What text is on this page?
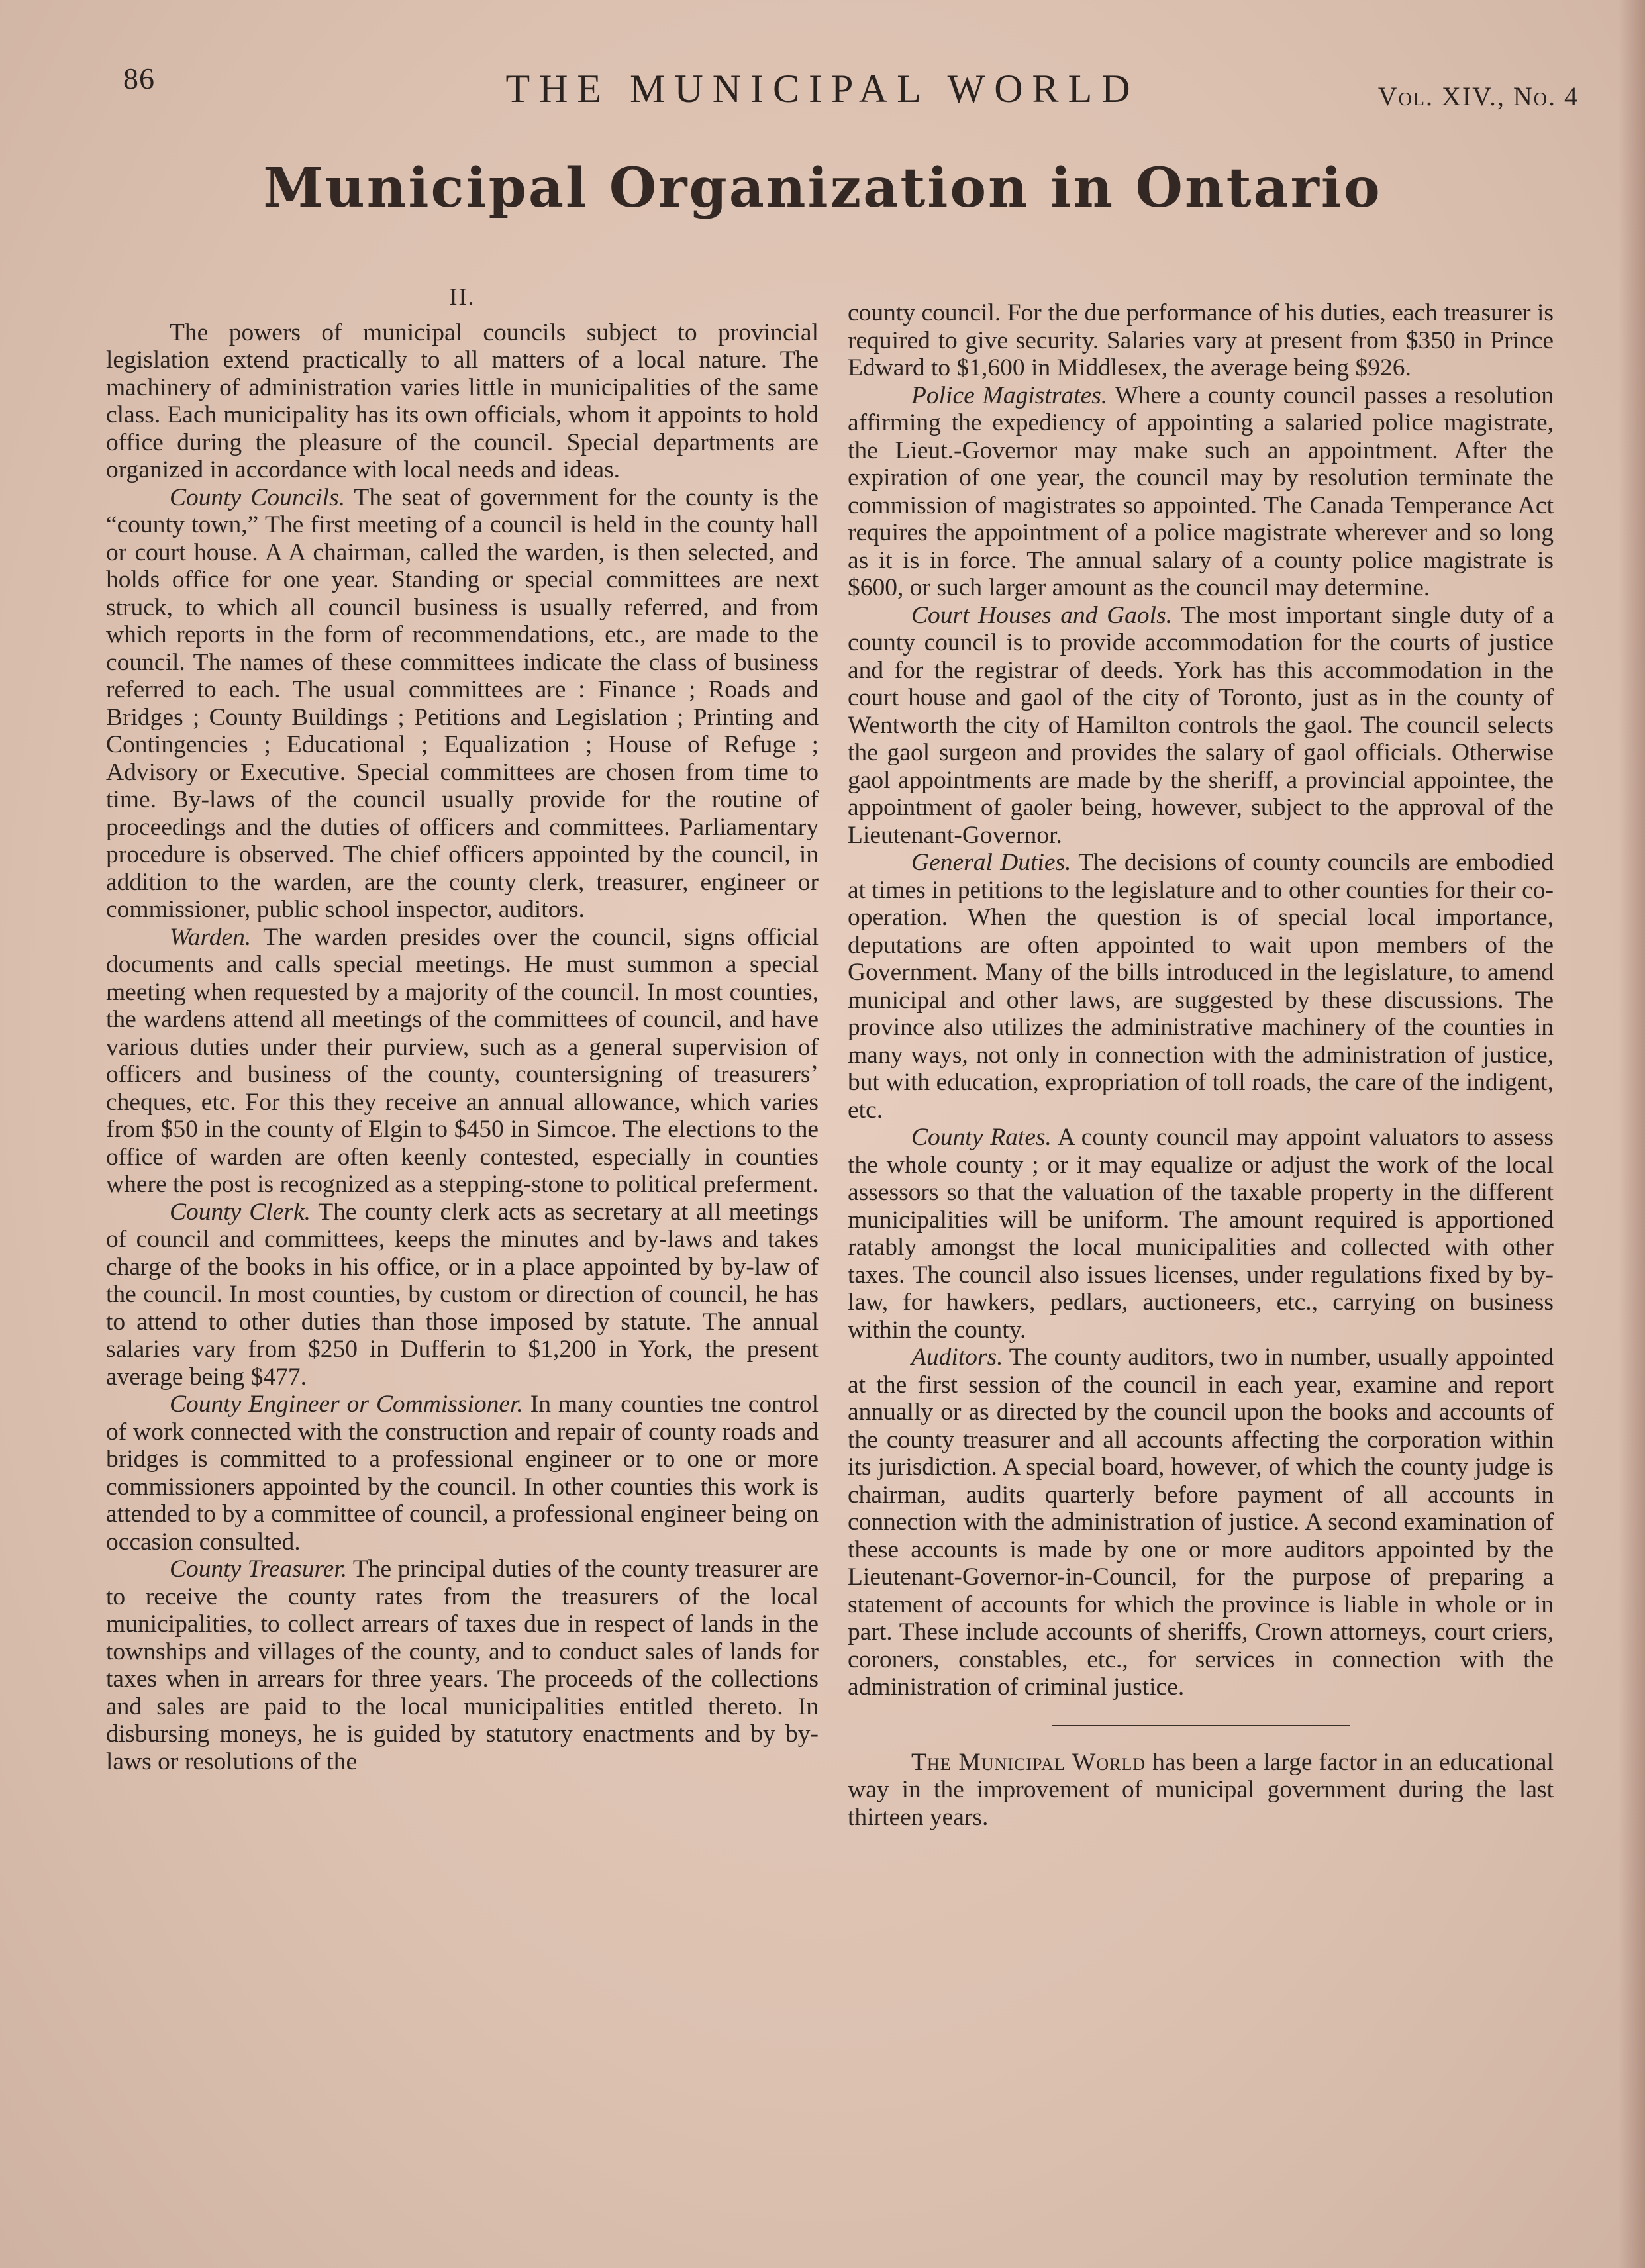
86	THE MUNICIPAL WORLD	Vol. XIV., No. 4
Municipal Organization in Ontario
II.

The powers of municipal councils subject to provincial legislation extend practically to all matters of a local nature. The machinery of administration varies little in municipalities of the same class. Each municipality has its own officials, whom it appoints to hold office during the pleasure of the council. Special departments are organized in accordance with local needs and ideas.

County Councils. The seat of government for the county is the “county town,” The first meeting of a council is held in the county hall or court house. A A chairman, called the warden, is then selected, and holds office for one year. Standing or special committees are next struck, to which all council business is usually referred, and from which reports in the form of recommendations, etc., are made to the council. The names of these committees indicate the class of business referred to each. The usual committees are : Finance ; Roads and Bridges ; County Buildings ; Petitions and Legislation ; Printing and Contingencies ; Educational ; Equalization ; House of Refuge ; Advisory or Executive. Special committees are chosen from time to time. By-laws of the council usually provide for the routine of proceedings and the duties of officers and committees. Parliamentary procedure is observed. The chief officers appointed by the council, in addition to the warden, are the county clerk, treasurer, engineer or commissioner, public school inspector, auditors.

Warden. The warden presides over the council, signs official documents and calls special meetings. He must summon a special meeting when requested by a majority of the council. In most counties, the wardens attend all meetings of the committees of council, and have various duties under their purview, such as a general supervision of officers and business of the county, countersigning of treasurers’ cheques, etc. For this they receive an annual allowance, which varies from $50 in the county of Elgin to $450 in Simcoe. The elections to the office of warden are often keenly contested, especially in counties where the post is recognized as a stepping-stone to political preferment.

County Clerk. The county clerk acts as secretary at all meetings of council and committees, keeps the minutes and by-laws and takes charge of the books in his office, or in a place appointed by by-law of the council. In most counties, by custom or direction of council, he has to attend to other duties than those imposed by statute. The annual salaries vary from $250 in Dufferin to $1,200 in York, the present average being $477.

County Engineer or Commissioner. In many counties tne control of work connected with the construction and repair of county roads and bridges is committed to a professional engineer or to one or more commissioners appointed by the council. In other counties this work is attended to by a committee of council, a professional engineer being on occasion consulted.

County Treasurer. The principal duties of the county treasurer are to receive the county rates from the treasurers of the local municipalities, to collect arrears of taxes due in respect of lands in the townships and villages of the county, and to conduct sales of lands for taxes when in arrears for three years. The proceeds of the collections and sales are paid to the local municipalities entitled thereto. In disbursing moneys, he is guided by statutory enactments and by by-laws or resolutions of the

county council. For the due performance of his duties, each treasurer is required to give security. Salaries vary at present from $350 in Prince Edward to $1,600 in Middlesex, the average being $926.

Police Magistrates. Where a county council passes a resolution affirming the expediency of appointing a salaried police magistrate, the Lieut.-Governor may make such an appointment. After the expiration of one year, the council may by resolution terminate the commission of magistrates so appointed. The Canada Temperance Act requires the appointment of a police magistrate wherever and so long as it is in force. The annual salary of a county police magistrate is $600, or such larger amount as the council may determine.

Court Houses and Gaols. The most important single duty of a county council is to provide accommodation for the courts of justice and for the registrar of deeds. York has this accommodation in the court house and gaol of the city of Toronto, just as in the county of Wentworth the city of Hamilton controls the gaol. The council selects the gaol surgeon and provides the salary of gaol officials. Otherwise gaol appointments are made by the sheriff, a provincial appointee, the appointment of gaoler being, however, subject to the approval of the Lieutenant-Governor.

General Duties. The decisions of county councils are embodied at times in petitions to the legislature and to other counties for their co-operation. When the question is of special local importance, deputations are often appointed to wait upon members of the Government. Many of the bills introduced in the legislature, to amend municipal and other laws, are suggested by these discussions. The province also utilizes the administrative machinery of the counties in many ways, not only in connection with the administration of justice, but with education, expropriation of toll roads, the care of the indigent, etc.

County Rates. A county council may appoint valuators to assess the whole county ; or it may equalize or adjust the work of the local assessors so that the valuation of the taxable property in the different municipalities will be uniform. The amount required is apportioned ratably amongst the local municipalities and collected with other taxes. The council also issues licenses, under regulations fixed by by-law, for hawkers, pedlars, auctioneers, etc., carrying on business within the county.

Auditors. The county auditors, two in number, usually appointed at the first session of the council in each year, examine and report annually or as directed by the council upon the books and accounts of the county treasurer and all accounts affecting the corporation within its jurisdiction. A special board, however, of which the county judge is chairman, audits quarterly before payment of all accounts in connection with the administration of justice. A second examination of these accounts is made by one or more auditors appointed by the Lieutenant-Governor-in-Council, for the purpose of preparing a statement of accounts for which the province is liable in whole or in part. These include accounts of sheriffs, Crown attorneys, court criers, coroners, constables, etc., for services in connection with the administration of criminal justice.

The Municipal World has been a large factor in an educational way in the improvement of municipal government during the last thirteen years.
